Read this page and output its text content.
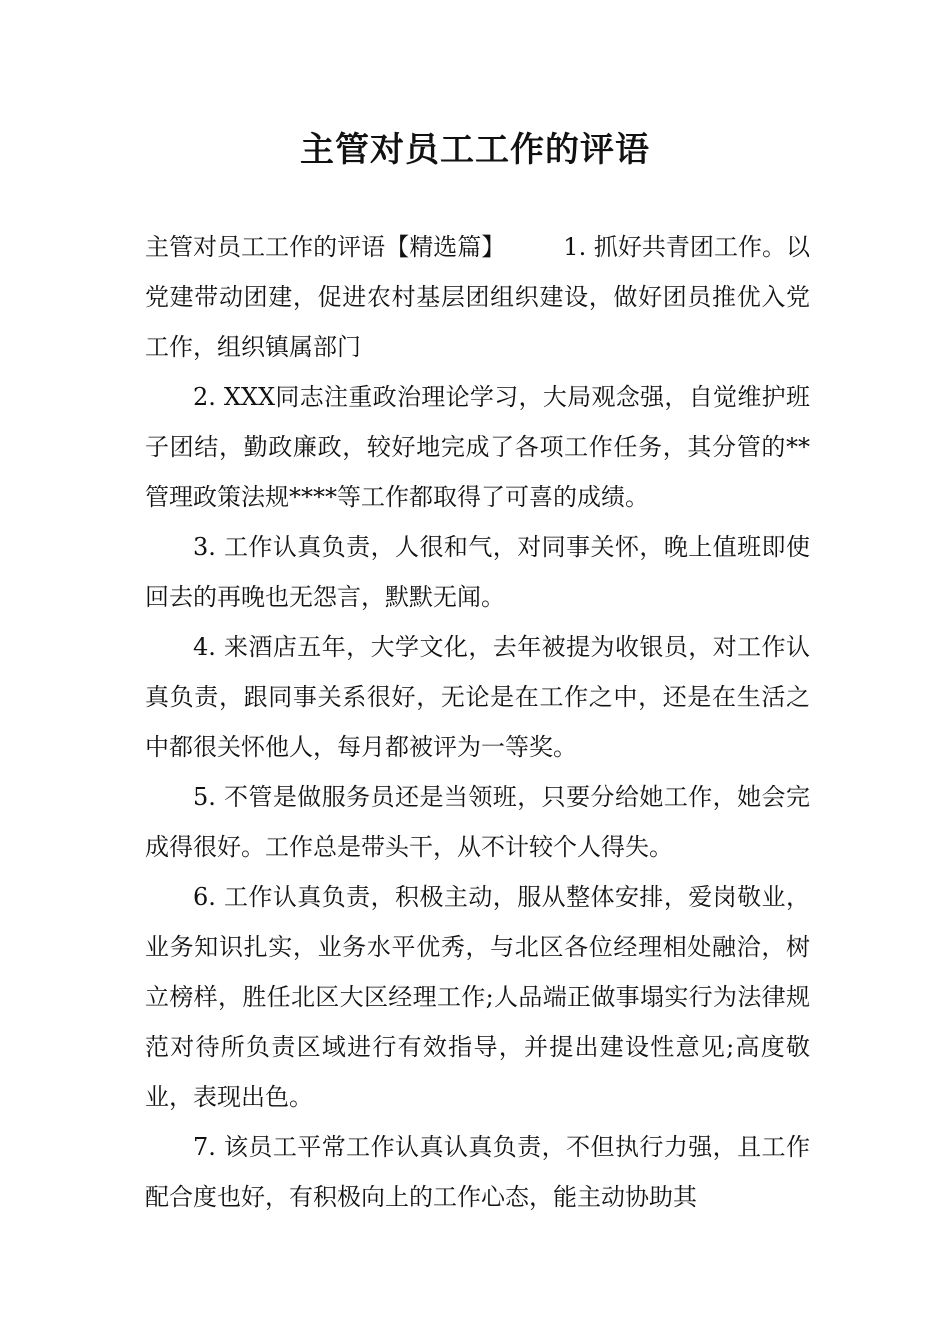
主管对员工工作的评语

主管对员工工作的评语【精选篇】 1. 抓好共青团工作。以党建带动团建，促进农村基层团组织建设，做好团员推优入党工作，组织镇属部门

2. XXX同志注重政治理论学习，大局观念强，自觉维护班子团结，勤政廉政，较好地完成了各项工作任务，其分管的**管理政策法规****等工作都取得了可喜的成绩。

3. 工作认真负责，人很和气，对同事关怀，晚上值班即使回去的再晚也无怨言，默默无闻。

4. 来酒店五年，大学文化，去年被提为收银员，对工作认真负责，跟同事关系很好，无论是在工作之中，还是在生活之中都很关怀他人，每月都被评为一等奖。

5. 不管是做服务员还是当领班，只要分给她工作，她会完成得很好。工作总是带头干，从不计较个人得失。

6. 工作认真负责，积极主动，服从整体安排，爱岗敬业，业务知识扎实，业务水平优秀，与北区各位经理相处融洽，树立榜样，胜任北区大区经理工作;人品端正做事塌实行为法律规范对待所负责区域进行有效指导，并提出建设性意见;高度敬业，表现出色。

7. 该员工平常工作认真认真负责，不但执行力强，且工作配合度也好，有积极向上的工作心态，能主动协助其
